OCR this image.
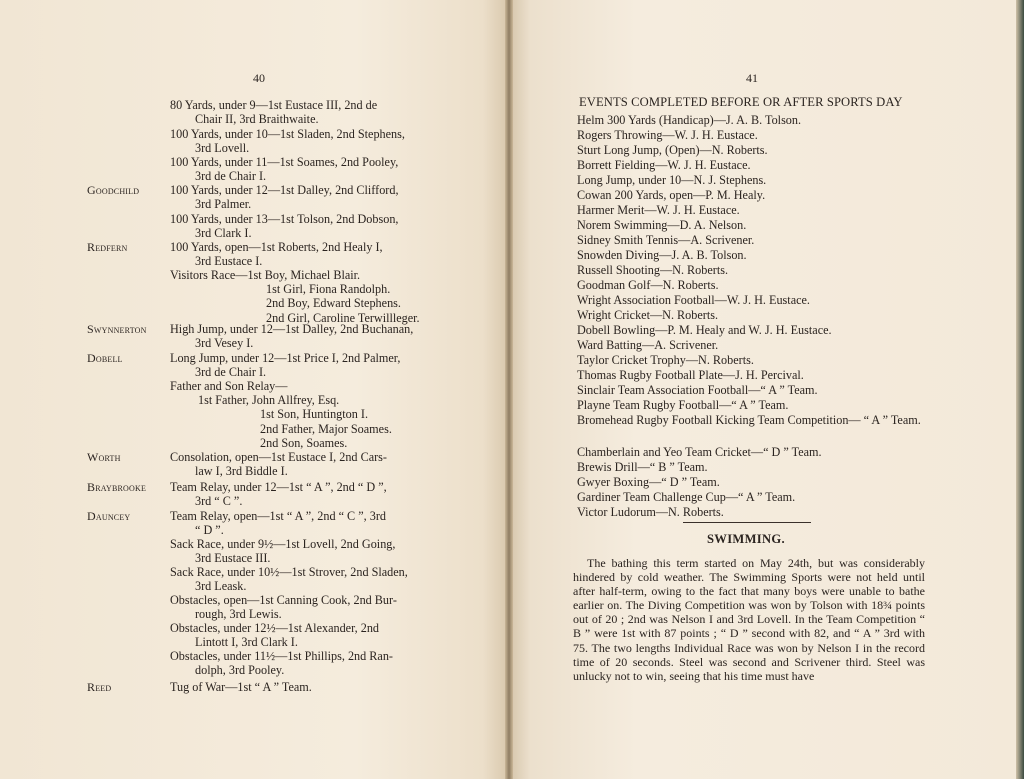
40	41
80 Yards, under 9—1st Eustace III, 2nd de
Chair II, 3rd Braithwaite.
100 Yards, under 10—1st Sladen, 2nd Stephens,
3rd Lovell.
100 Yards, under 11—1st Soames, 2nd Pooley,
3rd de Chair I.
Goodchild	100 Yards, under 12—1st Dalley, 2nd Clifford,
3rd Palmer.
100 Yards, under 13—1st Tolson, 2nd Dobson,
3rd Clark I.
Redfern	100 Yards, open—1st Roberts, 2nd Healy I,
3rd Eustace I.
Visitors Race—1st Boy, Michael Blair.
1st Girl, Fiona Randolph.
2nd Boy, Edward Stephens.
2nd Girl, Caroline Terwillleger.
Swynnerton	High Jump, under 12—1st Dalley, 2nd Buchanan,
3rd Vesey I.
Dobell	Long Jump, under 12—1st Price I, 2nd Palmer,
3rd de Chair I.
Father and Son Relay—
1st Father, John Allfrey, Esq.
1st Son, Huntington I.
2nd Father, Major Soames.
2nd Son, Soames.
Worth	Consolation, open—1st Eustace I, 2nd Cars-
law I, 3rd Biddle I.
Braybrooke	Team Relay, under 12—1st “ A ”, 2nd “ D ”,
3rd “ C ”.
Dauncey	Team Relay, open—1st “ A ”, 2nd “ C ”, 3rd
“ D ”.
Sack Race, under 9½—1st Lovell, 2nd Going,
3rd Eustace III.
Sack Race, under 10½—1st Strover, 2nd Sladen,
3rd Leask.
Obstacles, open—1st Canning Cook, 2nd Bur-
rough, 3rd Lewis.
Obstacles, under 12½—1st Alexander, 2nd
Lintott I, 3rd Clark I.
Obstacles, under 11½—1st Phillips, 2nd Ran-
dolph, 3rd Pooley.
Reed	Tug of War—1st “ A ” Team.
EVENTS COMPLETED BEFORE OR AFTER SPORTS DAY
Helm 300 Yards (Handicap)—J. A. B. Tolson.
Rogers Throwing—W. J. H. Eustace.
Sturt Long Jump, (Open)—N. Roberts.
Borrett Fielding—W. J. H. Eustace.
Long Jump, under 10—N. J. Stephens.
Cowan 200 Yards, open—P. M. Healy.
Harmer Merit—W. J. H. Eustace.
Norem Swimming—D. A. Nelson.
Sidney Smith Tennis—A. Scrivener.
Snowden Diving—J. A. B. Tolson.
Russell Shooting—N. Roberts.
Goodman Golf—N. Roberts.
Wright Association Football—W. J. H. Eustace.
Wright Cricket—N. Roberts.
Dobell Bowling—P. M. Healy and W. J. H. Eustace.
Ward Batting—A. Scrivener.
Taylor Cricket Trophy—N. Roberts.
Thomas Rugby Football Plate—J. H. Percival.
Sinclair Team Association Football—“ A ” Team.
Playne Team Rugby Football—“ A ” Team.
Bromehead Rugby Football Kicking Team Competition— “ A ” Team.
Chamberlain and Yeo Team Cricket—“ D ” Team.
Brewis Drill—“ B ” Team.
Gwyer Boxing—“ D ” Team.
Gardiner Team Challenge Cup—“ A ” Team.
Victor Ludorum—N. Roberts.
SWIMMING.
The bathing this term started on May 24th, but was considerably hindered by cold weather. The Swimming Sports were not held until after half-term, owing to the fact that many boys were unable to bathe earlier on. The Diving Competition was won by Tolson with 18¾ points out of 20 ; 2nd was Nelson I and 3rd Lovell. In the Team Competition “ B ” were 1st with 87 points ; “ D ” second with 82, and “ A ” 3rd with 75. The two lengths Individual Race was won by Nelson I in the record time of 20 seconds. Steel was second and Scrivener third. Steel was unlucky not to win, seeing that his time must have
